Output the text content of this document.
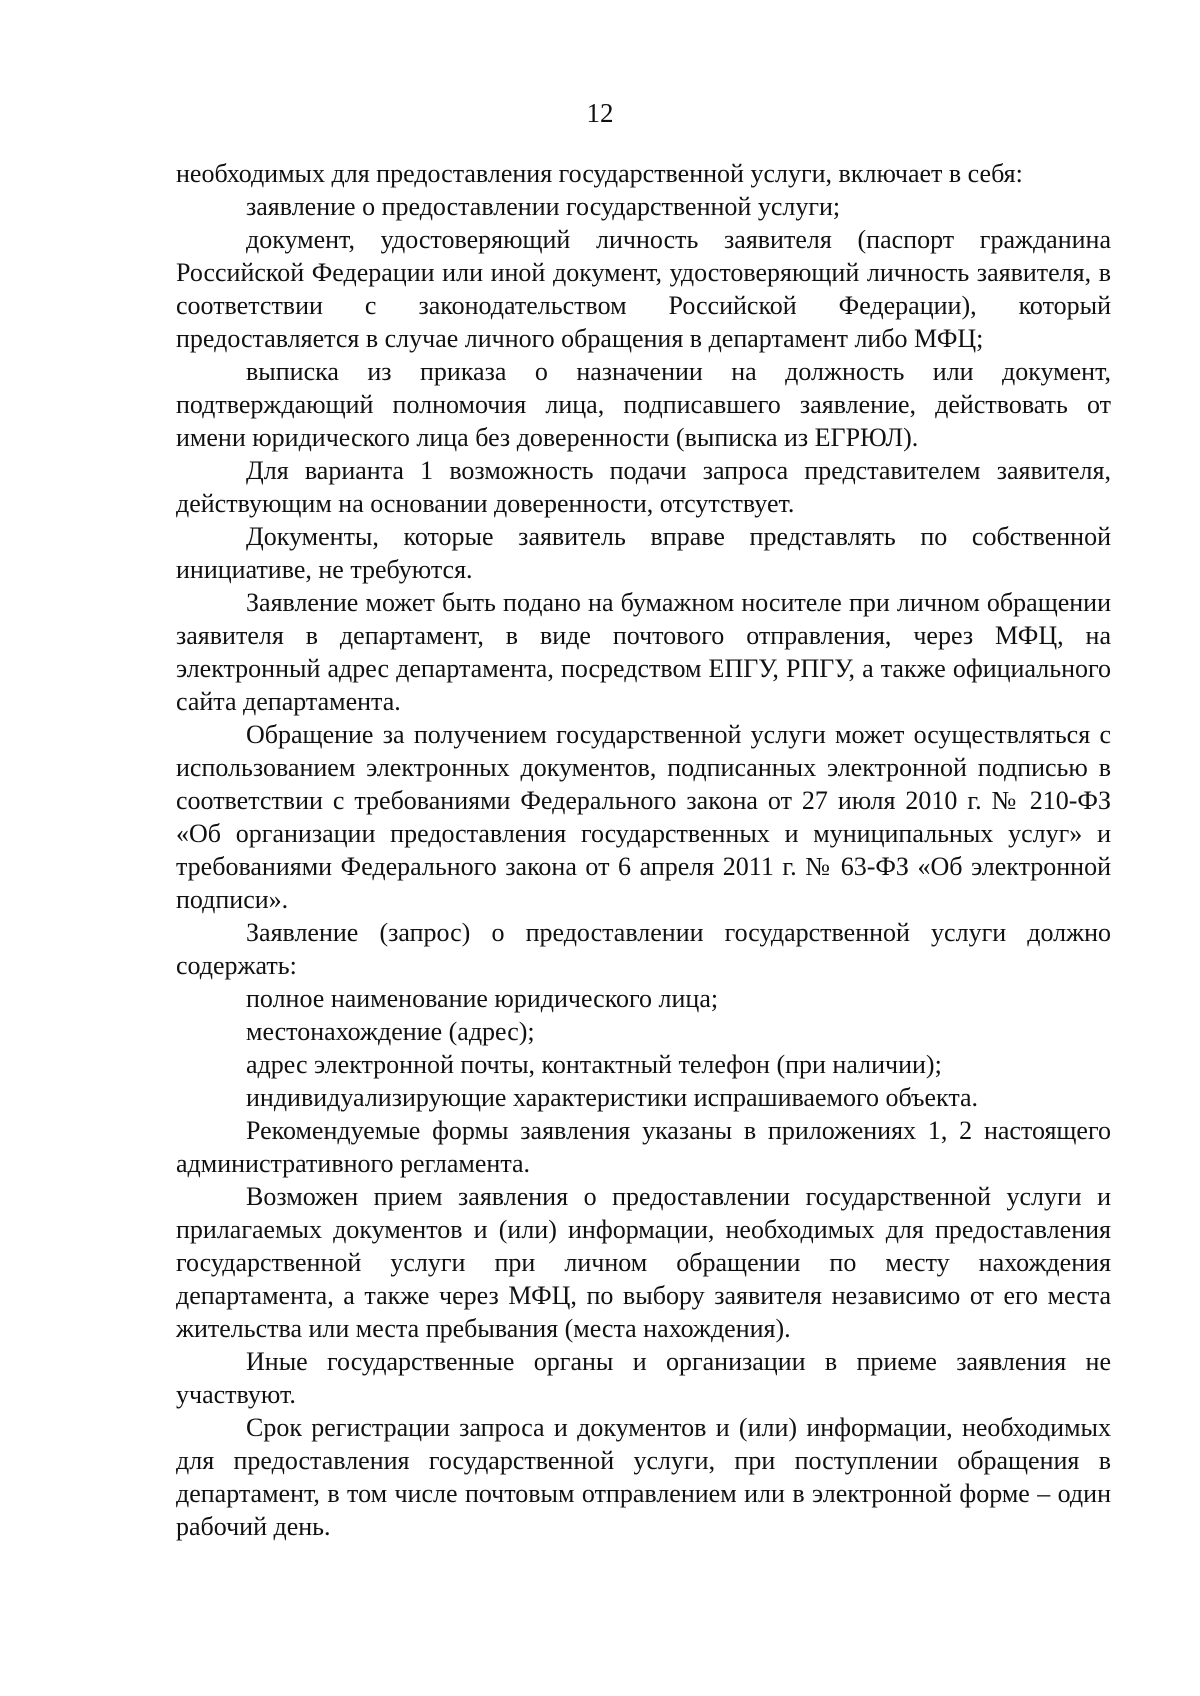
12

необходимых для предоставления государственной услуги, включает в себя:

заявление о предоставлении государственной услуги;

документ, удостоверяющий личность заявителя (паспорт гражданина Российской Федерации или иной документ, удостоверяющий личность заявителя, в соответствии с законодательством Российской Федерации), который предоставляется в случае личного обращения в департамент либо МФЦ;

выписка из приказа о назначении на должность или документ, подтверждающий полномочия лица, подписавшего заявление, действовать от имени юридического лица без доверенности (выписка из ЕГРЮЛ).

Для варианта 1 возможность подачи запроса представителем заявителя, действующим на основании доверенности, отсутствует.

Документы, которые заявитель вправе представлять по собственной инициативе, не требуются.

Заявление может быть подано на бумажном носителе при личном обращении заявителя в департамент, в виде почтового отправления, через МФЦ, на электронный адрес департамента, посредством ЕПГУ, РПГУ, а также официального сайта департамента.

Обращение за получением государственной услуги может осуществляться с использованием электронных документов, подписанных электронной подписью в соответствии с требованиями Федерального закона от 27 июля 2010 г. № 210-ФЗ «Об организации предоставления государственных и муниципальных услуг» и требованиями Федерального закона от 6 апреля 2011 г. № 63-ФЗ «Об электронной подписи».

Заявление (запрос) о предоставлении государственной услуги должно содержать:

полное наименование юридического лица;

местонахождение (адрес);

адрес электронной почты, контактный телефон (при наличии);

индивидуализирующие характеристики испрашиваемого объекта.

Рекомендуемые формы заявления указаны в приложениях 1, 2 настоящего административного регламента.

Возможен прием заявления о предоставлении государственной услуги и прилагаемых документов и (или) информации, необходимых для предоставления государственной услуги при личном обращении по месту нахождения департамента, а также через МФЦ, по выбору заявителя независимо от его места жительства или места пребывания (места нахождения).

Иные государственные органы и организации в приеме заявления не участвуют.

Срок регистрации запроса и документов и (или) информации, необходимых для предоставления государственной услуги, при поступлении обращения в департамент, в том числе почтовым отправлением или в электронной форме – один рабочий день.
